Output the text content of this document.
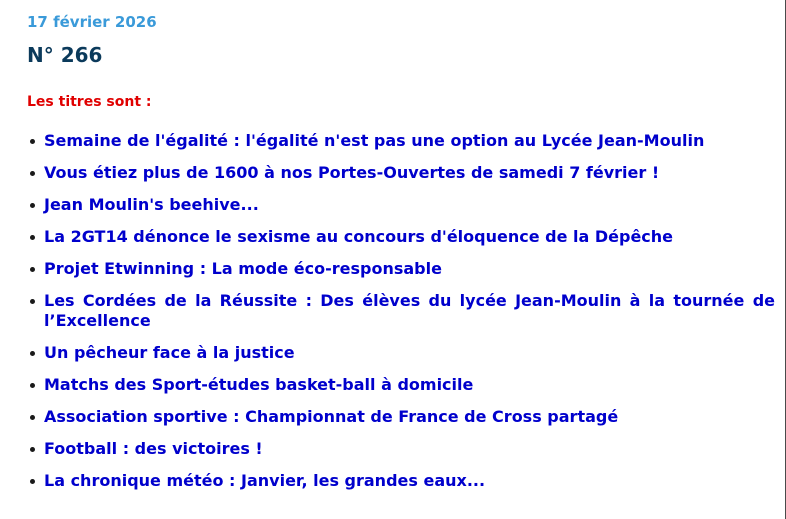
17 février 2026

N° 266

Les titres sont :

Semaine de l'égalité : l'égalité n'est pas une option au Lycée Jean-Moulin
Vous étiez plus de 1600 à nos Portes-Ouvertes de samedi 7 février !
Jean Moulin's beehive...
La 2GT14 dénonce le sexisme au concours d'éloquence de la Dépêche
Projet Etwinning : La mode éco-responsable
Les Cordées de la Réussite : Des élèves du lycée Jean-Moulin à la tournée de l’Excellence
Un pêcheur face à la justice
Matchs des Sport-études basket-ball à domicile
Association sportive : Championnat de France de Cross partagé
Football : des victoires !
La chronique météo : Janvier, les grandes eaux...
